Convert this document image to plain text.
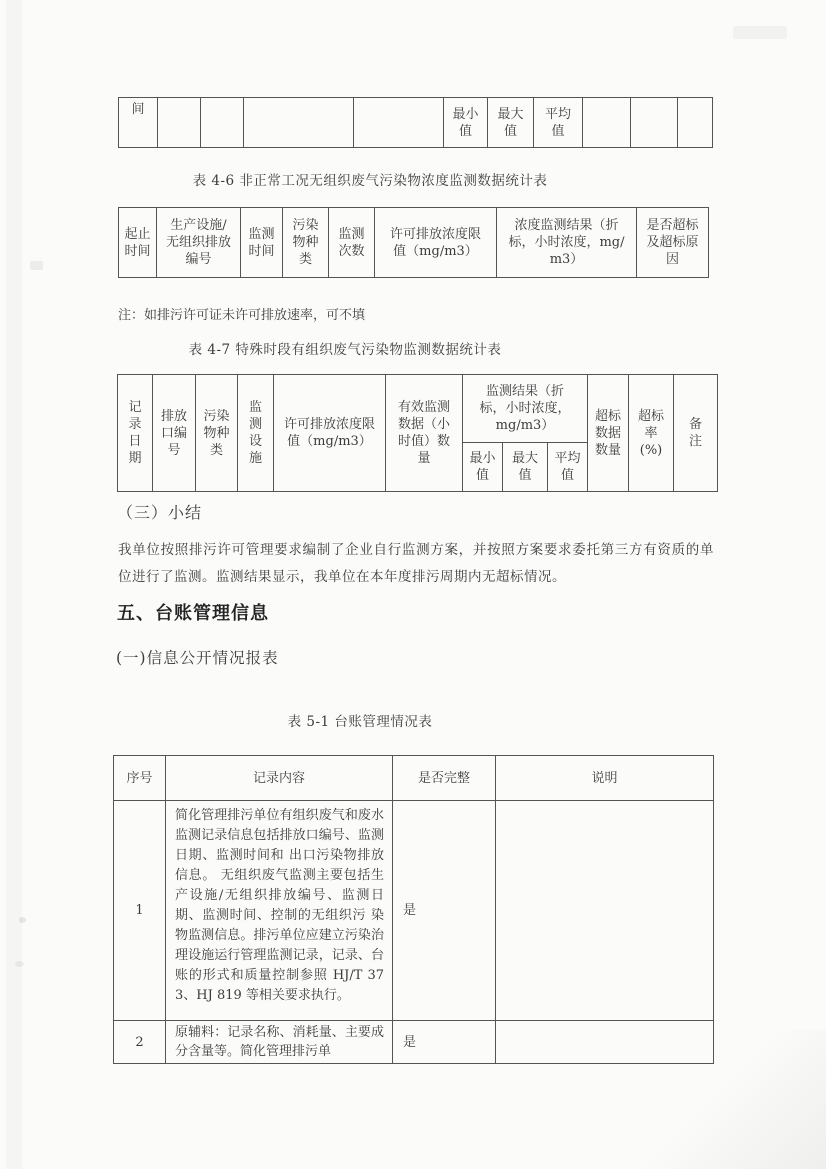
间					最小值	最大值	平均值			
表 4-6 非正常工况无组织废气污染物浓度监测数据统计表
起止时间	生产设施/无组织排放编号	监测时间	污染物种类	监测次数	许可排放浓度限值（mg/m3）	浓度监测结果（折标，小时浓度，mg/m3）	是否超标及超标原因
注：如排污许可证未许可排放速率，可不填
表 4-7 特殊时段有组织废气污染物监测数据统计表
记录日期	排放口编号	污染物种类	监测设施	许可排放浓度限值（mg/m3）	有效监测数据（小时值）数量	监测结果（折标，小时浓度，mg/m3）			超标数据数量	超标率(%)	备注
						最小值	最大值	平均值			
（三）小结
我单位按照排污许可管理要求编制了企业自行监测方案，并按照方案要求委托第三方有资质的单位进行了监测。监测结果显示，我单位在本年度排污周期内无超标情况。
五、台账管理信息
(一)信息公开情况报表
表 5-1 台账管理情况表
序号	记录内容	是否完整	说明
1	简化管理排污单位有组织废气和废水监测记录信息包括排放口编号、监测日期、监测时间和 出口污染物排放信息。 无组织废气监测主要包括生产设施/无组织排放编号、监测日期、监测时间、控制的无组织污 染物监测信息。排污单位应建立污染治理设施运行管理监测记录，记录、台账的形式和质量控制参照 HJ/T 373、HJ 819 等相关要求执行。	是	
2	原辅料：记录名称、消耗量、主要成分含量等。简化管理排污单	是	
